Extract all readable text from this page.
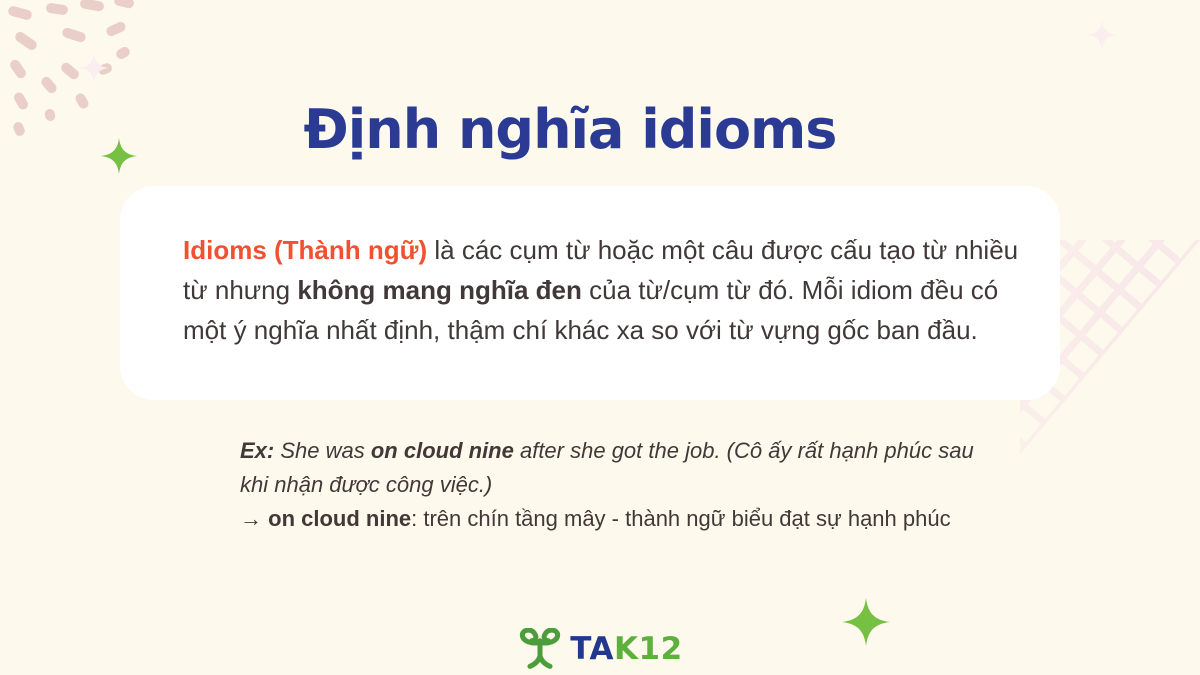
Định nghĩa idioms
Idioms (Thành ngữ) là các cụm từ hoặc một câu được cấu tạo từ nhiều
từ nhưng không mang nghĩa đen của từ/cụm từ đó. Mỗi idiom đều có
một ý nghĩa nhất định, thậm chí khác xa so với từ vựng gốc ban đầu.
Ex: She was on cloud nine after she got the job. (Cô ấy rất hạnh phúc sau
khi nhận được công việc.)
→ on cloud nine: trên chín tầng mây - thành ngữ biểu đạt sự hạnh phúc
TAK12
